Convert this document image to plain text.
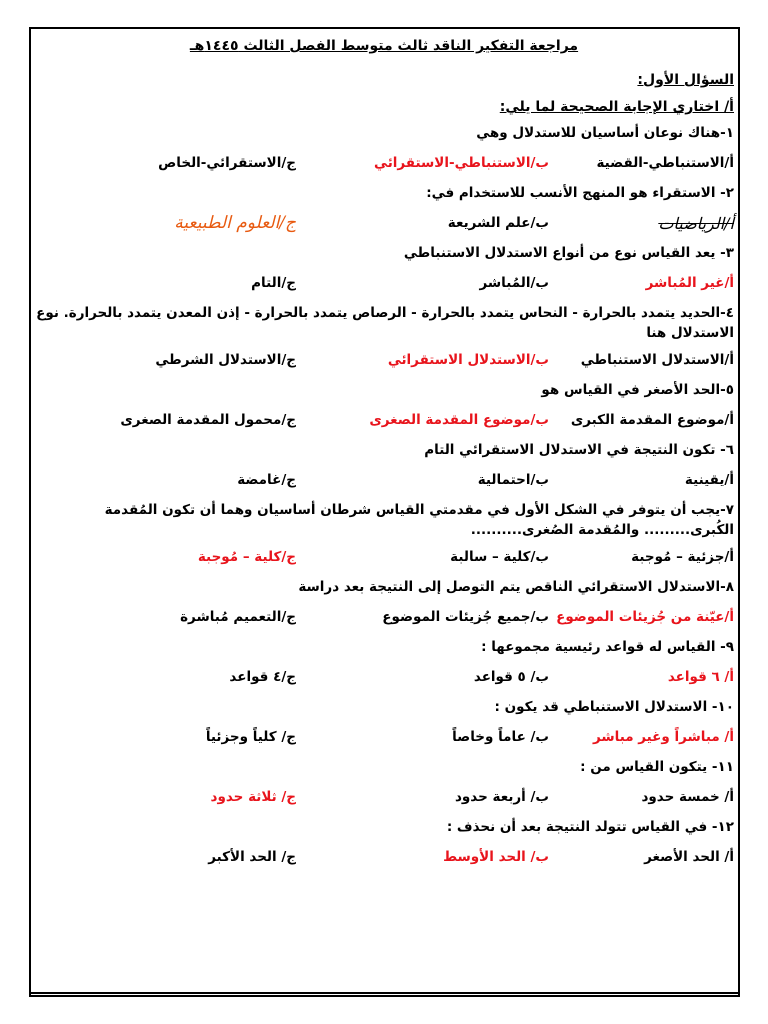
مراجعة التفكير الناقد ثالث متوسط الفصل الثالث ١٤٤٥هـ
السؤال الأول:
أ/ اختاري الإجابة الصحيحة لما يلي:
١-هناك نوعان أساسيان للاستدلال وهي
أ/الاستنباطي-القضية
ب/الاستنباطي-الاستقرائي
ج/الاستقرائي-الخاص
٢- الاستقراء هو المنهج الأنسب للاستخدام في:
أ/الرياضيات
ب/علم الشريعة
ج/العلوم الطبيعية
٣- يعد القياس نوع من أنواع الاستدلال الاستنباطي
أ/غير المُباشر
ب/المُباشر
ج/التام
٤-الحديد يتمدد بالحرارة - النحاس يتمدد بالحرارة - الرصاص يتمدد بالحرارة - إذن المعدن يتمدد بالحرارة. نوع الاستدلال هنا
أ/الاستدلال الاستنباطي
ب/الاستدلال الاستقرائي
ج/الاستدلال الشرطي
٥-الحد الأصغر في القياس هو
أ/موضوع المقدمة الكبرى
ب/موضوع المقدمة الصغرى
ج/محمول المقدمة الصغرى
٦- تكون النتيجة في الاستدلال الاستقرائي التام
أ/يقينية
ب/احتمالية
ج/غامضة
٧-يجب أن يتوفر في الشكل الأول في مقدمتي القياس شرطان أساسيان وهما أن تكون المُقدمة الكُبرى......... والمُقدمة الصُغرى..........
أ/جزئية – مُوجبة
ب/كلية – سالبة
ج/كلية – مُوجبة
٨-الاستدلال الاستقرائي الناقص يتم التوصل إلى النتيجة بعد دراسة
أ/عيّنة من جُزيئات الموضوع
ب/جميع جُزيئات الموضوع
ج/التعميم مُباشرة
٩- القياس له قواعد رئيسية مجموعها :
أ/ ٦ قواعد
ب/ ٥ قواعد
ج/٤ قواعد
١٠- الاستدلال الاستنباطي قد يكون :
أ/ مباشراً وغير مباشر
ب/ عاماً وخاصاً
ج/ كلياً وجزئياً
١١- يتكون القياس من :
أ/ خمسة حدود
ب/ أربعة حدود
ج/ ثلاثة حدود
١٢- في القياس تتولد النتيجة بعد أن نحذف :
أ/ الحد الأصغر
ب/ الحد الأوسط
ج/ الحد الأكبر
